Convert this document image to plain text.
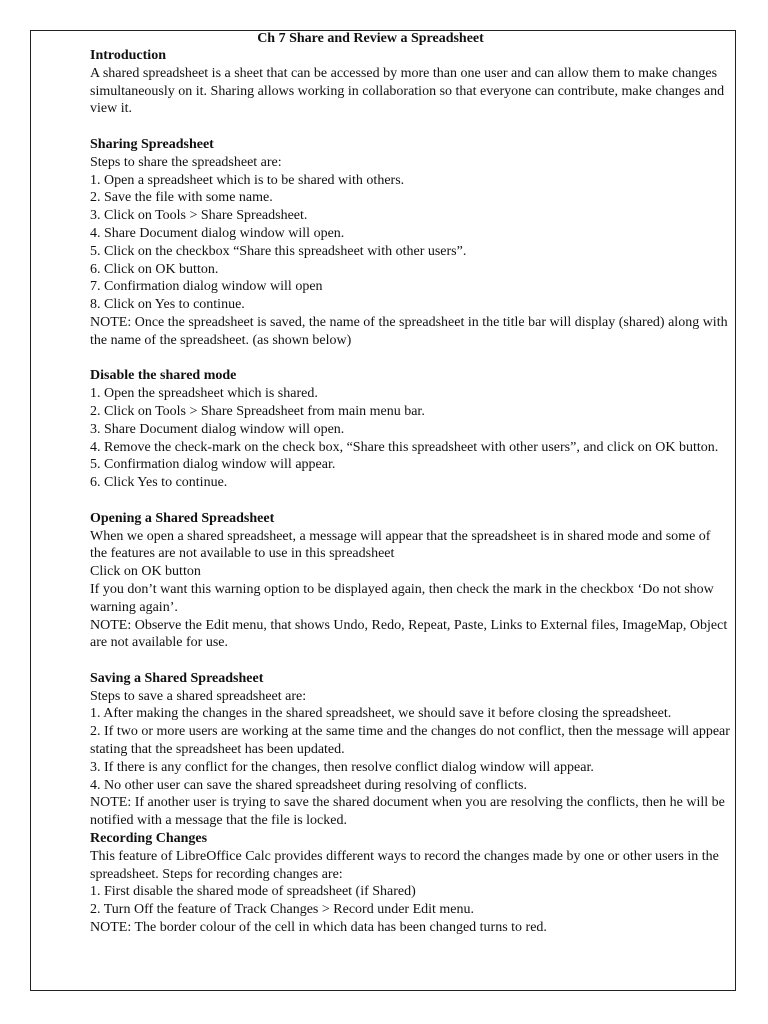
Ch 7 Share and Review a Spreadsheet

Introduction

A shared spreadsheet is a sheet that can be accessed by more than one user and can allow them to make changes simultaneously on it. Sharing allows working in collaboration so that everyone can contribute, make changes and view it.

Sharing Spreadsheet

Steps to share the spreadsheet are:

1. Open a spreadsheet which is to be shared with others.

2. Save the file with some name.

3. Click on Tools > Share Spreadsheet.

4. Share Document dialog window will open.

5. Click on the checkbox “Share this spreadsheet with other users”.

6. Click on OK button.

7. Confirmation dialog window will open

8. Click on Yes to continue.

NOTE: Once the spreadsheet is saved, the name of the spreadsheet in the title bar will display (shared) along with the name of the spreadsheet. (as shown below)

Disable the shared mode

1. Open the spreadsheet which is shared.

2. Click on Tools > Share Spreadsheet from main menu bar.

3. Share Document dialog window will open.

4. Remove the check-mark on the check box, “Share this spreadsheet with other users”, and click on OK button.

5. Confirmation dialog window will appear.

6. Click Yes to continue.

Opening a Shared Spreadsheet

When we open a shared spreadsheet, a message will appear that the spreadsheet is in shared mode and some of the features are not available to use in this spreadsheet

Click on OK button

If you don’t want this warning option to be displayed again, then check the mark in the checkbox ‘Do not show warning again’.

NOTE: Observe the Edit menu, that shows Undo, Redo, Repeat, Paste, Links to External files, ImageMap, Object are not available for use.

Saving a Shared Spreadsheet

Steps to save a shared spreadsheet are:

1. After making the changes in the shared spreadsheet, we should save it before closing the spreadsheet.

2. If two or more users are working at the same time and the changes do not conflict, then the message will appear stating that the spreadsheet has been updated.

3. If there is any conflict for the changes, then resolve conflict dialog window will appear.

4. No other user can save the shared spreadsheet during resolving of conflicts.

NOTE: If another user is trying to save the shared document when you are resolving the conflicts, then he will be notified with a message that the file is locked.

Recording Changes

This feature of LibreOffice Calc provides different ways to record the changes made by one or other users in the spreadsheet. Steps for recording changes are:

1. First disable the shared mode of spreadsheet (if Shared)

2. Turn Off the feature of Track Changes > Record under Edit menu.

NOTE: The border colour of the cell in which data has been changed turns to red.
